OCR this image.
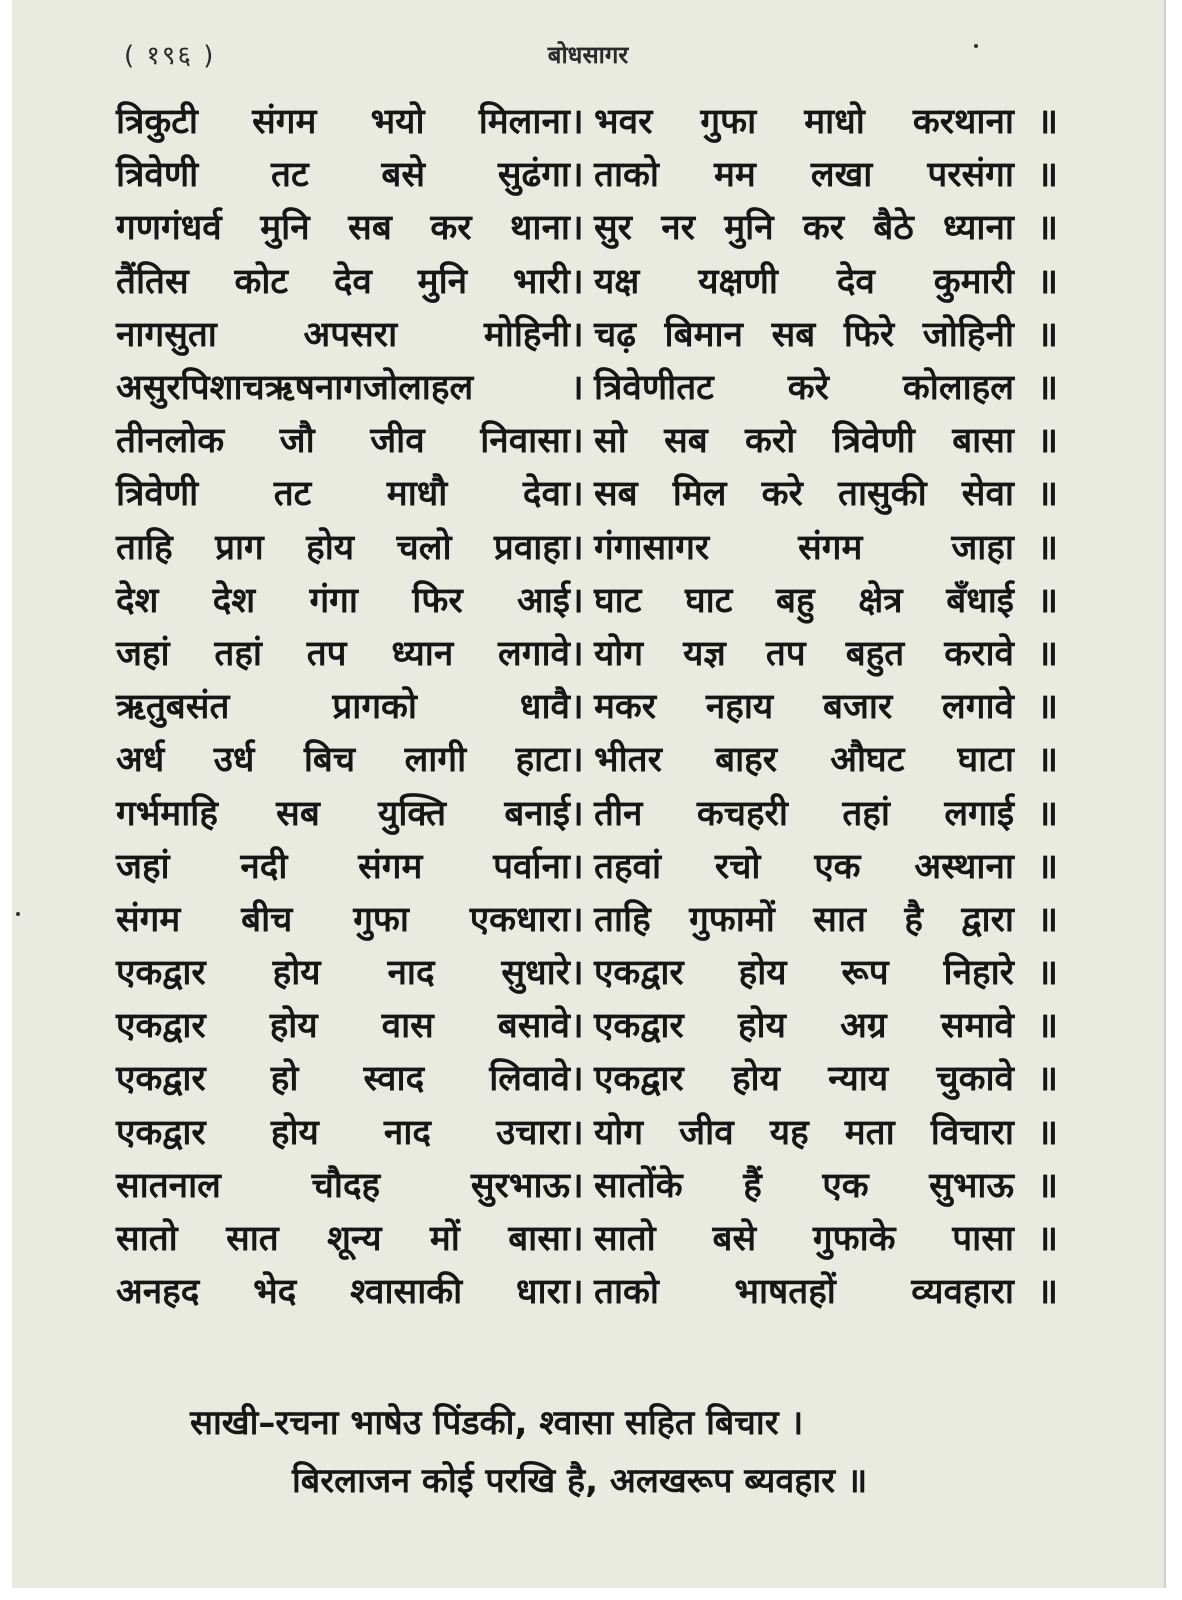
( १९६ )	बोधसागर
त्रिकुटी संगम भयो मिलाना । भवर गुफा माधो करथाना ॥
त्रिवेणी तट बसे सुढंगा । ताको मम लखा परसंगा ॥
गणगंधर्व मुनि सब कर थाना । सुर नर मुनि कर बैठे ध्याना ॥
तैंतिस कोट देव मुनि भारी । यक्ष यक्षणी देव कुमारी ॥
नागसुता अपसरा मोहिनी । चढ़ बिमान सब फिरे जोहिनी ॥
असुरपिशाचऋषनागजोलाहल	। त्रिवेणीतट करे कोलाहल ॥
तीनलोक जौ जीव निवासा । सो सब करो त्रिवेणी बासा ॥
त्रिवेणी तट माधौ देवा । सब मिल करे तासुकी सेवा ॥
ताहि प्राग होय चलो प्रवाहा । गंगासागर	संगम	जाहा ॥
देश देश गंगा फिर आई । घाट घाट बहु क्षेत्र बँधाई ॥
जहां तहां तप ध्यान लगावे । योग यज्ञ तप बहुत करावे ॥
ऋतुबसंत	प्रागको	धावै । मकर नहाय बजार लगावे ॥
अर्ध उर्ध बिच लागी हाटा । भीतर बाहर औघट घाटा ॥
गर्भमाहि सब युक्ति बनाई । तीन कचहरी तहां लगाई ॥
जहां नदी संगम पर्वाना । तहवां रचो एक अस्थाना ॥
संगम बीच गुफा एकधारा । ताहि गुफामों सात है द्वारा ॥
एकद्वार होय नाद सुधारे । एकद्वार होय रूप निहारे ॥
एकद्वार होय वास बसावे । एकद्वार होय अग्र समावे ॥
एकद्वार हो स्वाद लिवावे । एकद्वार होय न्याय चुकावे ॥
एकद्वार होय नाद उचारा । योग जीव यह मता विचारा ॥
सातनाल	चौदह	सुरभाऊ । सातोंके हैं एक सुभाऊ ॥
सातो सात शून्य मों बासा । सातो बसे गुफाके पासा ॥
अनहद भेद श्वासाकी धारा । ताको भाषतहों व्यवहारा ॥
साखी–रचना भाषेउ पिंडकी, श्वासा सहित बिचार ।
बिरलाजन कोई परखि है, अलखरूप ब्यवहार ॥
